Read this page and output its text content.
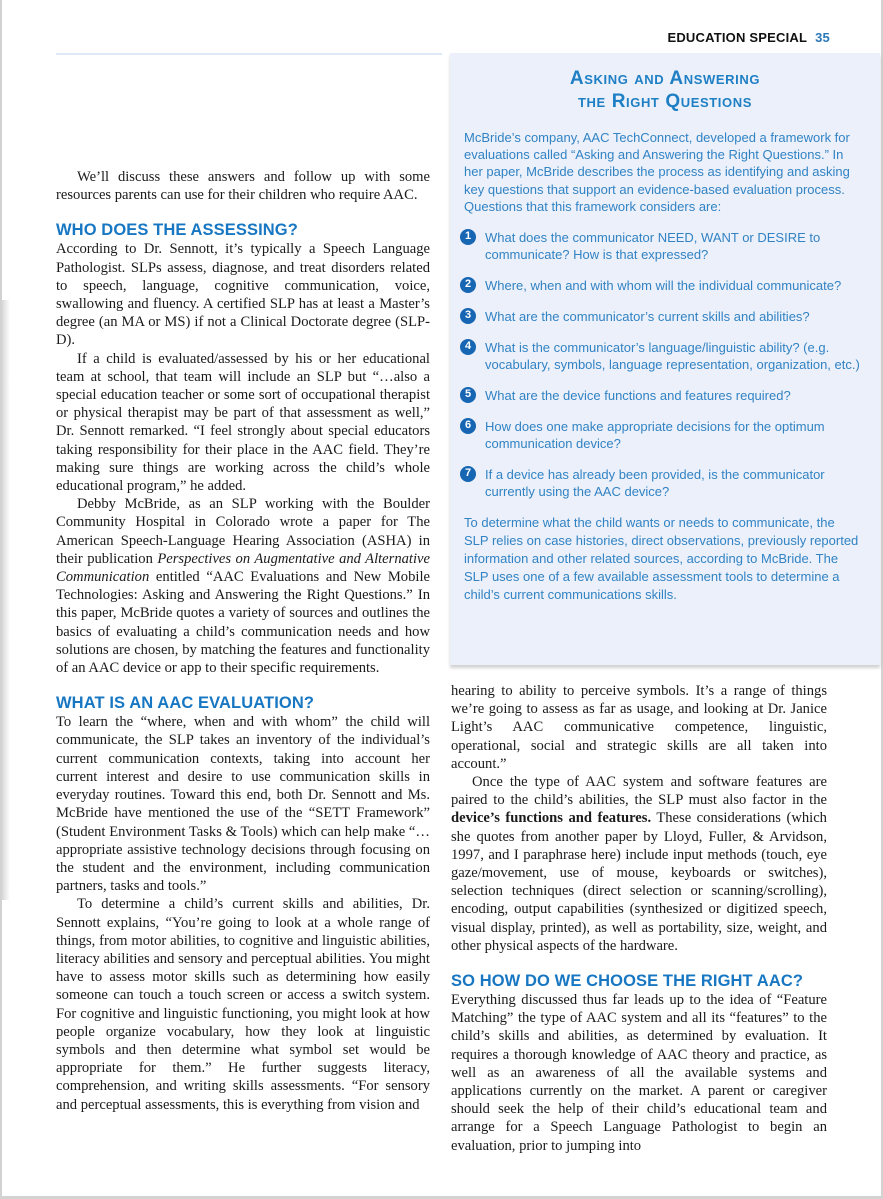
EDUCATION SPECIAL 35
Asking and Answering
the Right Questions
McBride’s company, AAC TechConnect, developed a framework for evaluations called “Asking and Answering the Right Questions.” In her paper, McBride describes the process as identifying and asking key questions that support an evidence-based evaluation process. Questions that this framework considers are:
1	What does the communicator NEED, WANT or DESIRE to communicate? How is that expressed?
2	Where, when and with whom will the individual communicate?
3	What are the communicator’s current skills and abilities?
4	What is the communicator’s language/linguistic ability? (e.g. vocabulary, symbols, language representation, organization, etc.)
5	What are the device functions and features required?
6	How does one make appropriate decisions for the optimum communication device?
7	If a device has already been provided, is the communicator currently using the AAC device?
To determine what the child wants or needs to communicate, the SLP relies on case histories, direct observations, previously reported information and other related sources, according to McBride. The SLP uses one of a few available assessment tools to determine a child’s current communications skills.

We’ll discuss these answers and follow up with some resources parents can use for their children who require AAC.

WHO DOES THE ASSESSING?

According to Dr. Sennott, it’s typically a Speech Language Pathologist. SLPs assess, diagnose, and treat disorders related to speech, language, cognitive communication, voice, swallowing and fluency. A certified SLP has at least a Master’s degree (an MA or MS) if not a Clinical Doctorate degree (SLP-D).

If a child is evaluated/assessed by his or her educational team at school, that team will include an SLP but “…also a special education teacher or some sort of occupational therapist or physical therapist may be part of that assessment as well,” Dr. Sennott remarked. “I feel strongly about special educators taking responsibility for their place in the AAC field. They’re making sure things are working across the child’s whole educational program,” he added.

Debby McBride, as an SLP working with the Boulder Community Hospital in Colorado wrote a paper for The American Speech-Language Hearing Association (ASHA) in their publication Perspectives on Augmentative and Alternative Communication entitled “AAC Evaluations and New Mobile Technologies: Asking and Answering the Right Questions.” In this paper, McBride quotes a variety of sources and outlines the basics of evaluating a child’s communication needs and how solutions are chosen, by matching the features and functionality of an AAC device or app to their specific requirements.

WHAT IS AN AAC EVALUATION?

To learn the “where, when and with whom” the child will communicate, the SLP takes an inventory of the individual’s current communication contexts, taking into account her current interest and desire to use communication skills in everyday routines. Toward this end, both Dr. Sennott and Ms. McBride have mentioned the use of the “SETT Framework” (Student Environment Tasks & Tools) which can help make “…appropriate assistive technology decisions through focusing on the student and the environment, including communication partners, tasks and tools.”

To determine a child’s current skills and abilities, Dr. Sennott explains, “You’re going to look at a whole range of things, from motor abilities, to cognitive and linguistic abilities, literacy abilities and sensory and perceptual abilities. You might have to assess motor skills such as determining how easily someone can touch a touch screen or access a switch system. For cognitive and linguistic functioning, you might look at how people organize vocabulary, how they look at linguistic symbols and then determine what symbol set would be appropriate for them.” He further suggests literacy, comprehension, and writing skills assessments. “For sensory and perceptual assessments, this is everything from vision and

hearing to ability to perceive symbols. It’s a range of things we’re going to assess as far as usage, and looking at Dr. Janice Light’s AAC communicative competence, linguistic, operational, social and strategic skills are all taken into account.”

Once the type of AAC system and software features are paired to the child’s abilities, the SLP must also factor in the device’s functions and features. These considerations (which she quotes from another paper by Lloyd, Fuller, & Arvidson, 1997, and I paraphrase here) include input methods (touch, eye gaze/movement, use of mouse, keyboards or switches), selection techniques (direct selection or scanning/scrolling), encoding, output capabilities (synthesized or digitized speech, visual display, printed), as well as portability, size, weight, and other physical aspects of the hardware.

SO HOW DO WE CHOOSE THE RIGHT AAC?

Everything discussed thus far leads up to the idea of “Feature Matching” the type of AAC system and all its “features” to the child’s skills and abilities, as determined by evaluation. It requires a thorough knowledge of AAC theory and practice, as well as an awareness of all the available systems and applications currently on the market. A parent or caregiver should seek the help of their child’s educational team and arrange for a Speech Language Pathologist to begin an evaluation, prior to jumping into
